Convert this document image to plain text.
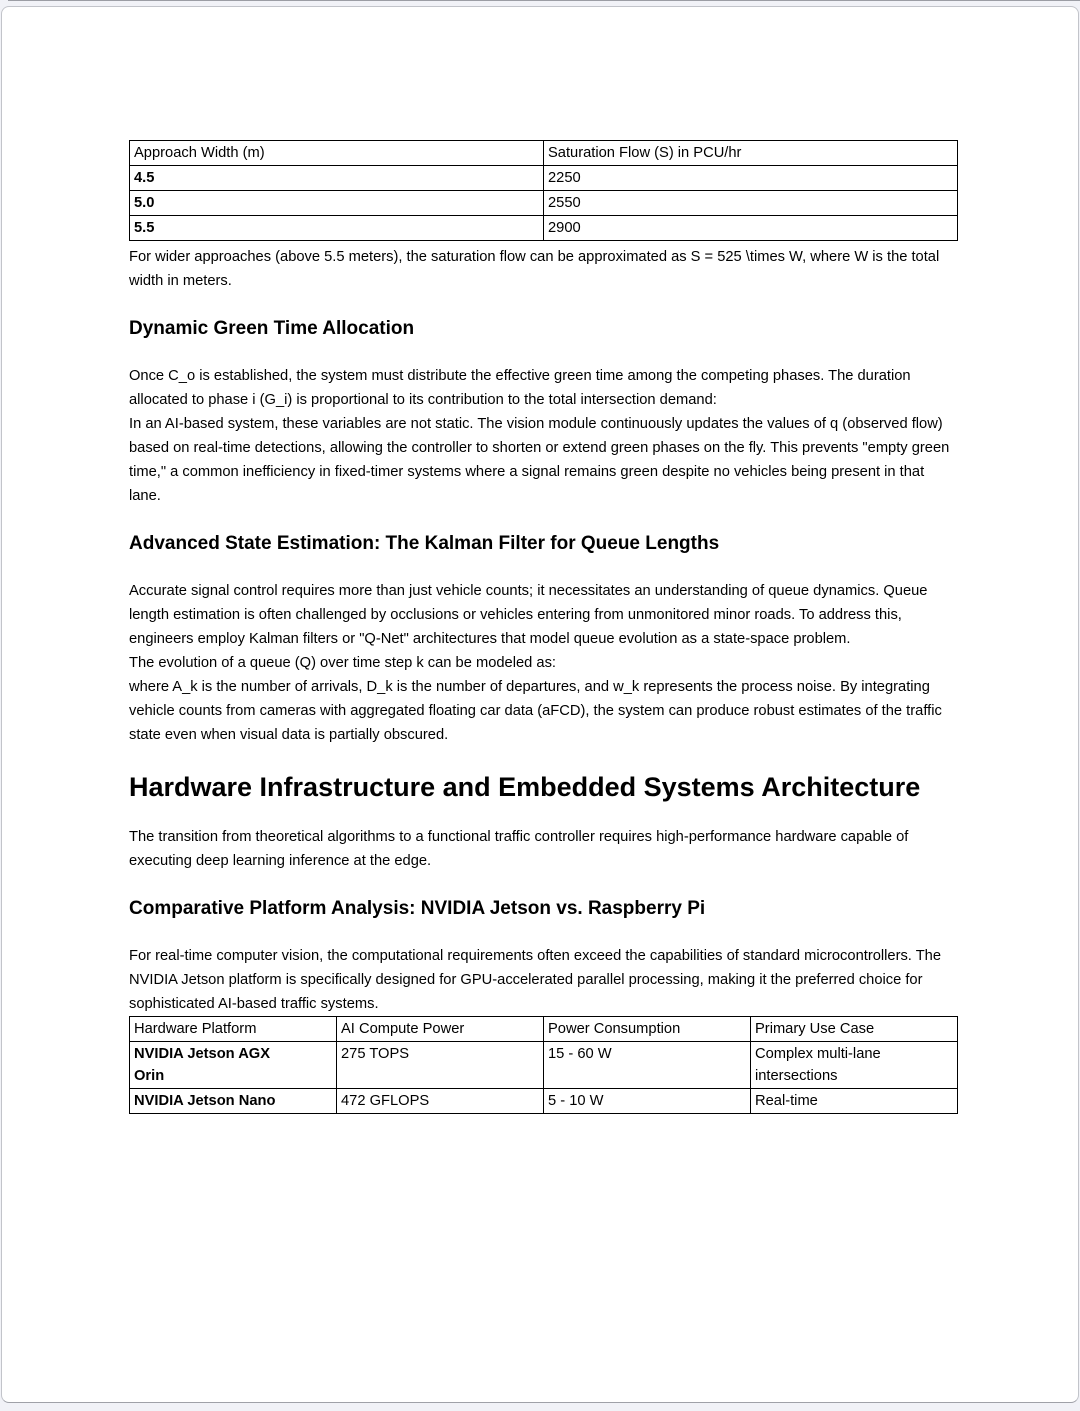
Approach Width (m)	Saturation Flow (S) in PCU/hr
4.5	2250
5.0	2550
5.5	2900

For wider approaches (above 5.5 meters), the saturation flow can be approximated as S = 525 \times W, where W is the total width in meters.

Dynamic Green Time Allocation

Once C_o is established, the system must distribute the effective green time among the competing phases. The duration allocated to phase i (G_i) is proportional to its contribution to the total intersection demand:

In an AI-based system, these variables are not static. The vision module continuously updates the values of q (observed flow) based on real-time detections, allowing the controller to shorten or extend green phases on the fly. This prevents "empty green time," a common inefficiency in fixed-timer systems where a signal remains green despite no vehicles being present in that lane.

Advanced State Estimation: The Kalman Filter for Queue Lengths

Accurate signal control requires more than just vehicle counts; it necessitates an understanding of queue dynamics. Queue length estimation is often challenged by occlusions or vehicles entering from unmonitored minor roads. To address this, engineers employ Kalman filters or "Q-Net" architectures that model queue evolution as a state-space problem.

The evolution of a queue (Q) over time step k can be modeled as:

where A_k is the number of arrivals, D_k is the number of departures, and w_k represents the process noise. By integrating vehicle counts from cameras with aggregated floating car data (aFCD), the system can produce robust estimates of the traffic state even when visual data is partially obscured.

Hardware Infrastructure and Embedded Systems Architecture

The transition from theoretical algorithms to a functional traffic controller requires high-performance hardware capable of executing deep learning inference at the edge.

Comparative Platform Analysis: NVIDIA Jetson vs. Raspberry Pi

For real-time computer vision, the computational requirements often exceed the capabilities of standard microcontrollers. The NVIDIA Jetson platform is specifically designed for GPU-accelerated parallel processing, making it the preferred choice for sophisticated AI-based traffic systems.

Hardware Platform	AI Compute Power	Power Consumption	Primary Use Case
NVIDIA Jetson AGX Orin	275 TOPS	15 - 60 W	Complex multi-lane intersections
NVIDIA Jetson Nano	472 GFLOPS	5 - 10 W	Real-time
